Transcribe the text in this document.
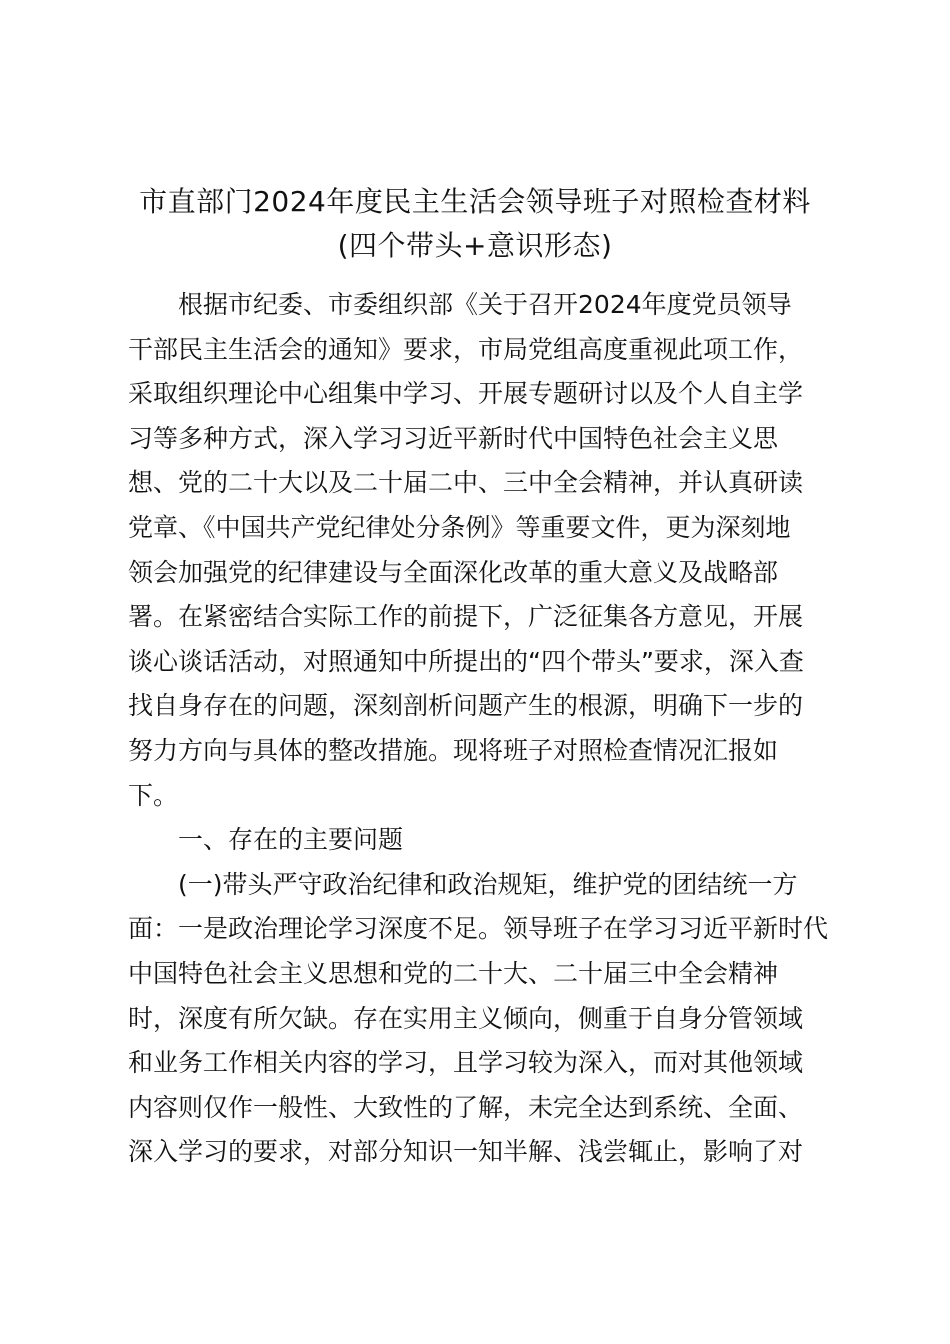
市直部门2024年度民主生活会领导班子对照检查材料
(四个带头+意识形态)
根据市纪委、市委组织部《关于召开2024年度党员领导
干部民主生活会的通知》要求，市局党组高度重视此项工作，
采取组织理论中心组集中学习、开展专题研讨以及个人自主学
习等多种方式，深入学习习近平新时代中国特色社会主义思
想、党的二十大以及二十届二中、三中全会精神，并认真研读
党章、《中国共产党纪律处分条例》等重要文件，更为深刻地
领会加强党的纪律建设与全面深化改革的重大意义及战略部
署。在紧密结合实际工作的前提下，广泛征集各方意见，开展
谈心谈话活动，对照通知中所提出的“四个带头”要求，深入查
找自身存在的问题，深刻剖析问题产生的根源，明确下一步的
努力方向与具体的整改措施。现将班子对照检查情况汇报如
下。
一、存在的主要问题
(一)带头严守政治纪律和政治规矩，维护党的团结统一方
面：一是政治理论学习深度不足。领导班子在学习习近平新时代
中国特色社会主义思想和党的二十大、二十届三中全会精神
时，深度有所欠缺。存在实用主义倾向，侧重于自身分管领域
和业务工作相关内容的学习，且学习较为深入，而对其他领域
内容则仅作一般性、大致性的了解，未完全达到系统、全面、
深入学习的要求，对部分知识一知半解、浅尝辄止，影响了对
